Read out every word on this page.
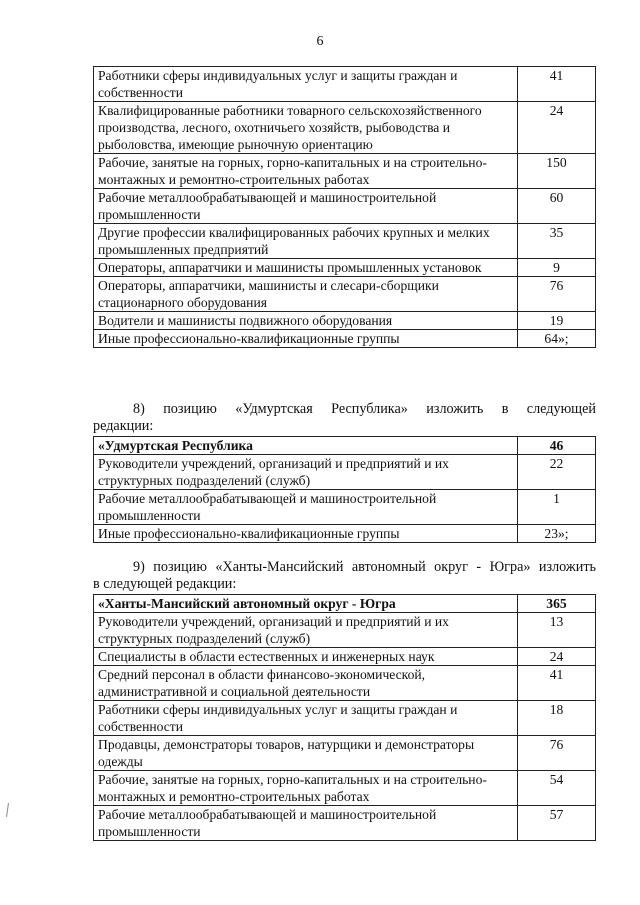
6
Работники сферы индивидуальных услуг и защиты граждан и собственности	41
Квалифицированные работники товарного сельскохозяйственного производства, лесного, охотничьего хозяйств, рыбоводства и рыболовства, имеющие рыночную ориентацию	24
Рабочие, занятые на горных, горно-капитальных и на строительно-монтажных и ремонтно-строительных работах	150
Рабочие металлообрабатывающей и машиностроительной промышленности	60
Другие профессии квалифицированных рабочих крупных и мелких промышленных предприятий	35
Операторы, аппаратчики и машинисты промышленных установок	9
Операторы, аппаратчики, машинисты и слесари-сборщики стационарного оборудования	76
Водители и машинисты подвижного оборудования	19
Иные профессионально-квалификационные группы	64»;
8) позицию «Удмуртская Республика» изложить в следующей
редакции:
«Удмуртская Республика	46
Руководители учреждений, организаций и предприятий и их структурных подразделений (служб)	22
Рабочие металлообрабатывающей и машиностроительной промышленности	1
Иные профессионально-квалификационные группы	23»;
9) позицию «Ханты-Мансийский автономный округ - Югра» изложить
в следующей редакции:
«Ханты-Мансийский автономный округ - Югра	365
Руководители учреждений, организаций и предприятий и их структурных подразделений (служб)	13
Специалисты в области естественных и инженерных наук	24
Средний персонал в области финансово-экономической, административной и социальной деятельности	41
Работники сферы индивидуальных услуг и защиты граждан и собственности	18
Продавцы, демонстраторы товаров, натурщики и демонстраторы одежды	76
Рабочие, занятые на горных, горно-капитальных и на строительно-монтажных и ремонтно-строительных работах	54
Рабочие металлообрабатывающей и машиностроительной промышленности	57
